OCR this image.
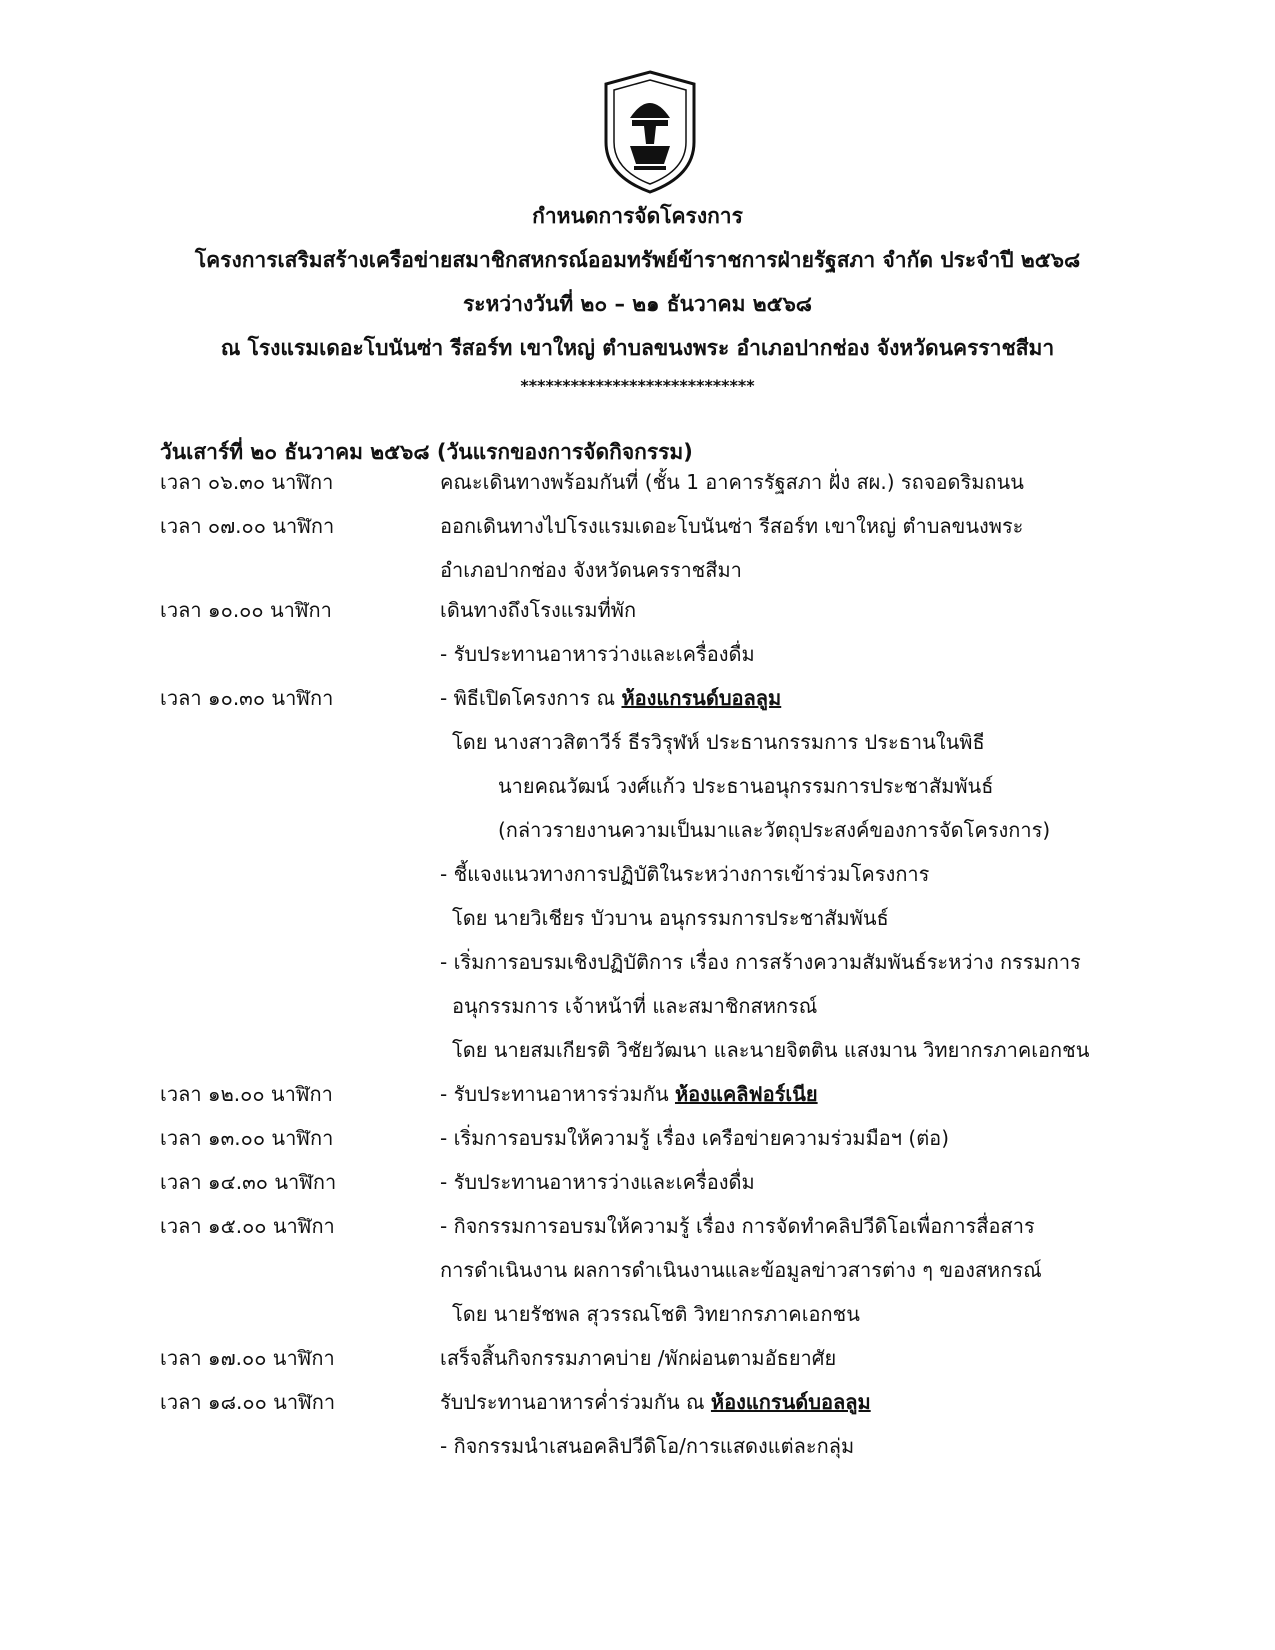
กำหนดการจัดโครงการ
โครงการเสริมสร้างเครือข่ายสมาชิกสหกรณ์ออมทรัพย์ข้าราชการฝ่ายรัฐสภา จำกัด ประจำปี ๒๕๖๘
ระหว่างวันที่ ๒๐ – ๒๑ ธันวาคม ๒๕๖๘
ณ โรงแรมเดอะโบนันซ่า รีสอร์ท เขาใหญ่ ตำบลขนงพระ อำเภอปากช่อง จังหวัดนครราชสีมา
****************************
วันเสาร์ที่ ๒๐ ธันวาคม ๒๕๖๘ (วันแรกของการจัดกิจกรรม)
เวลา ๐๖.๓๐ นาฬิกา
เวลา ๐๗.๐๐ นาฬิกา
เวลา ๑๐.๐๐ นาฬิกา
เวลา ๑๐.๓๐ นาฬิกา
เวลา ๑๒.๐๐ นาฬิกา
เวลา ๑๓.๐๐ นาฬิกา
เวลา ๑๔.๓๐ นาฬิกา
เวลา ๑๕.๐๐ นาฬิกา
เวลา ๑๗.๐๐ นาฬิกา
เวลา ๑๘.๐๐ นาฬิกา
คณะเดินทางพร้อมกันที่ (ชั้น 1 อาคารรัฐสภา ฝั่ง สผ.) รถจอดริมถนน
ออกเดินทางไปโรงแรมเดอะโบนันซ่า รีสอร์ท เขาใหญ่ ตำบลขนงพระ
อำเภอปากช่อง จังหวัดนครราชสีมา
เดินทางถึงโรงแรมที่พัก
- รับประทานอาหารว่างและเครื่องดื่ม
- พิธีเปิดโครงการ ณ ห้องแกรนด์บอลลูม
โดย นางสาวสิตาวีร์ ธีรวิรุฬห์ ประธานกรรมการ ประธานในพิธี
นายคณวัฒน์ วงศ์แก้ว ประธานอนุกรรมการประชาสัมพันธ์
(กล่าวรายงานความเป็นมาและวัตถุประสงค์ของการจัดโครงการ)
- ชี้แจงแนวทางการปฏิบัติในระหว่างการเข้าร่วมโครงการ
โดย นายวิเชียร บัวบาน อนุกรรมการประชาสัมพันธ์
- เริ่มการอบรมเชิงปฏิบัติการ เรื่อง การสร้างความสัมพันธ์ระหว่าง กรรมการ
อนุกรรมการ เจ้าหน้าที่ และสมาชิกสหกรณ์
โดย นายสมเกียรติ วิชัยวัฒนา และนายจิตติน แสงมาน วิทยากรภาคเอกชน
- รับประทานอาหารร่วมกัน ห้องแคลิฟอร์เนีย
- เริ่มการอบรมให้ความรู้ เรื่อง เครือข่ายความร่วมมือฯ (ต่อ)
- รับประทานอาหารว่างและเครื่องดื่ม
- กิจกรรมการอบรมให้ความรู้ เรื่อง การจัดทำคลิปวีดิโอเพื่อการสื่อสาร
การดำเนินงาน ผลการดำเนินงานและข้อมูลข่าวสารต่าง ๆ ของสหกรณ์
โดย นายรัชพล สุวรรณโชติ วิทยากรภาคเอกชน
เสร็จสิ้นกิจกรรมภาคบ่าย /พักผ่อนตามอัธยาศัย
รับประทานอาหารค่ำร่วมกัน ณ ห้องแกรนด์บอลลูม
- กิจกรรมนำเสนอคลิปวีดิโอ/การแสดงแต่ละกลุ่ม
